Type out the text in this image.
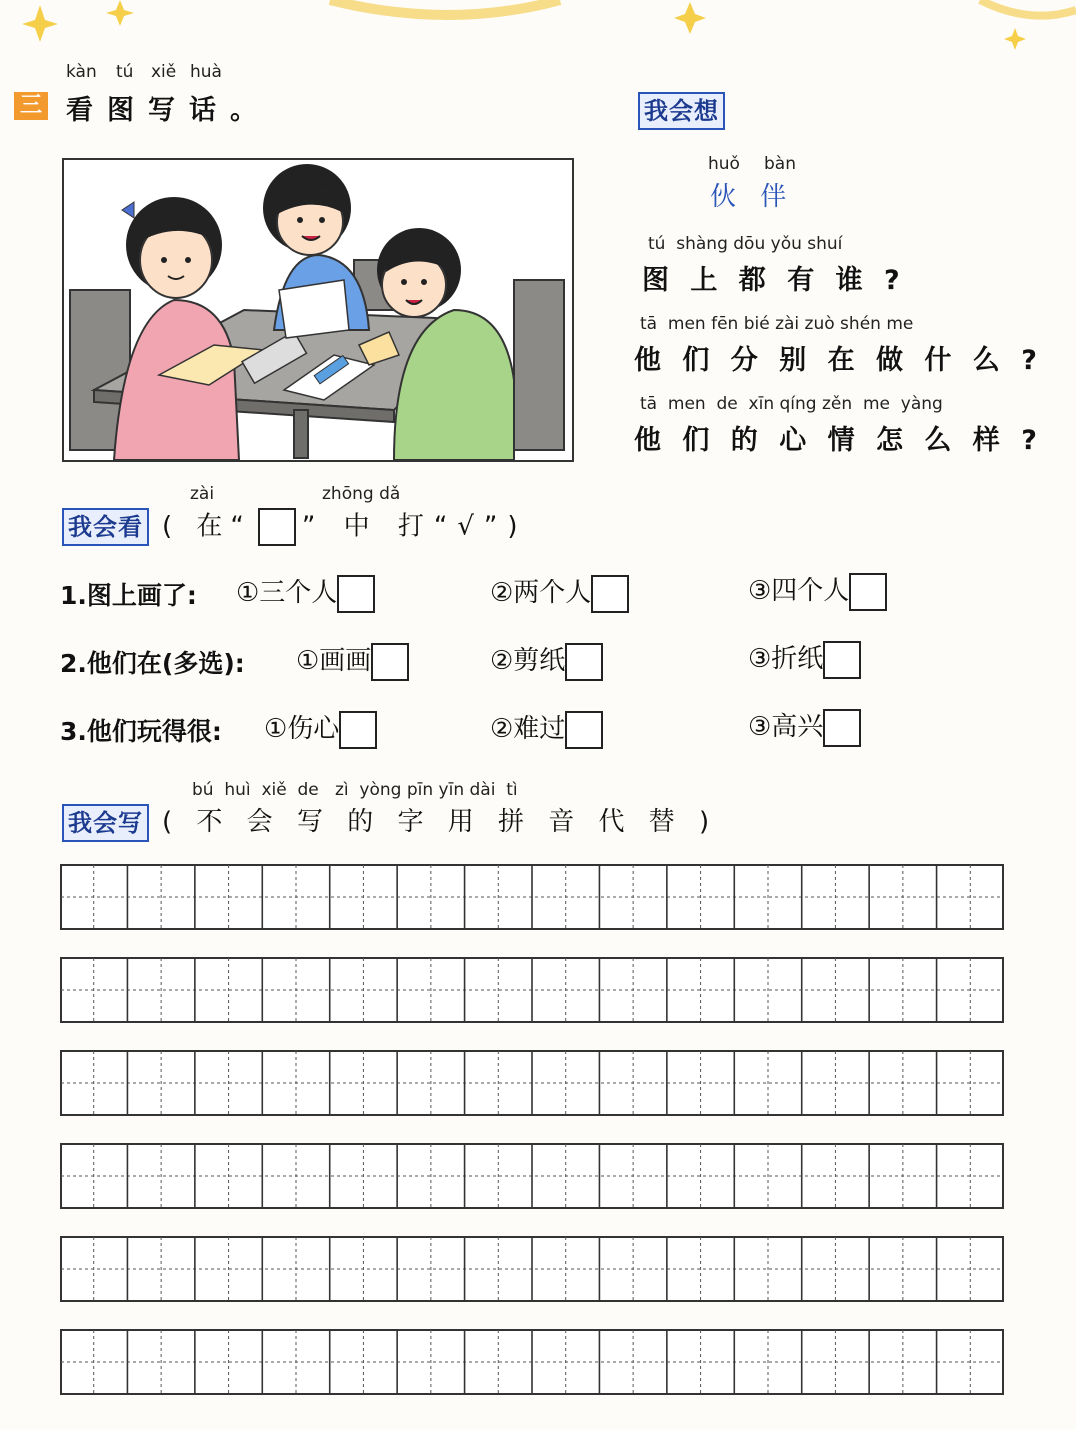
三
kàn tú xiě huà
看图写话。	我会想
huǒ bàn
伙 伴
tú  shàng dōu yǒu shuí
图 上 都 有 谁 ?
tā  men fēn bié zài zuò shén me
他 们 分 别 在 做 什 么 ?
tā  men  de  xīn qíng zěn  me  yàng
他 们 的 心 情 怎 么 样 ?
zài	zhōng dǎ
我会看 ( 在“ ” 中 打“√”)
1.图上画了: ①三个人	②两个人	③四个人
2.他们在(多选): ①画画	②剪纸	③折纸
3.他们玩得很: ①伤心	②难过	③高兴
bú  huì  xiě  de   zì  yòng pīn yīn dài  tì
我会写 ( 不 会 写 的 字 用 拼 音 代 替 )
